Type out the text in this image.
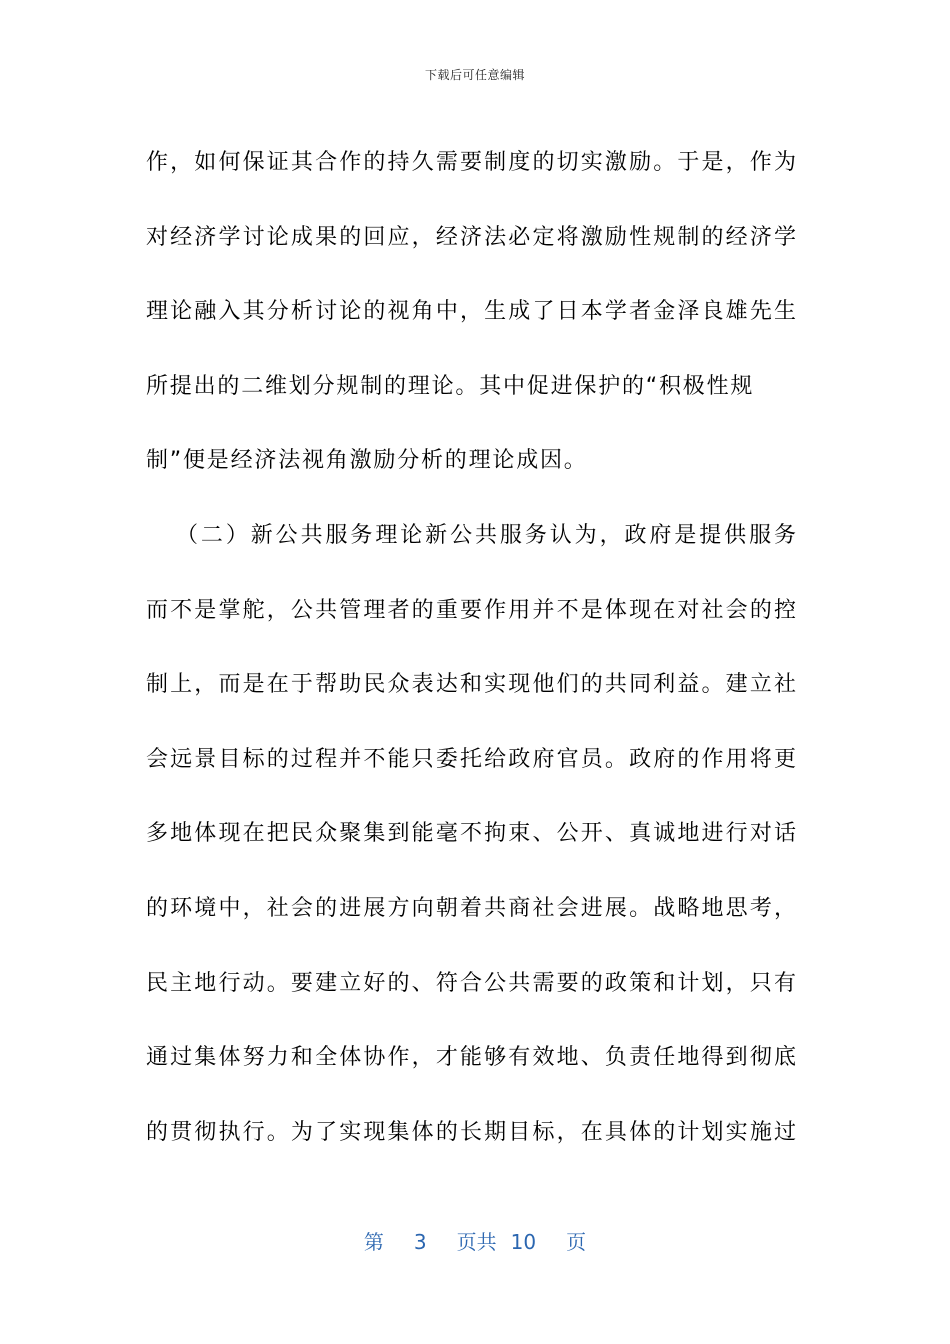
下载后可任意编辑
作，如何保证其合作的持久需要制度的切实激励。于是，作为
对经济学讨论成果的回应，经济法必定将激励性规制的经济学
理论融入其分析讨论的视角中，生成了日本学者金泽良雄先生
所提出的二维划分规制的理论。其中促进保护的“积极性规
制”便是经济法视角激励分析的理论成因。
（二）新公共服务理论新公共服务认为，政府是提供服务
而不是掌舵，公共管理者的重要作用并不是体现在对社会的控
制上，而是在于帮助民众表达和实现他们的共同利益。建立社
会远景目标的过程并不能只委托给政府官员。政府的作用将更
多地体现在把民众聚集到能毫不拘束、公开、真诚地进行对话
的环境中，社会的进展方向朝着共商社会进展。战略地思考，
民主地行动。要建立好的、符合公共需要的政策和计划，只有
通过集体努力和全体协作，才能够有效地、负责任地得到彻底
的贯彻执行。为了实现集体的长期目标，在具体的计划实施过
第 3 页共 10 页
